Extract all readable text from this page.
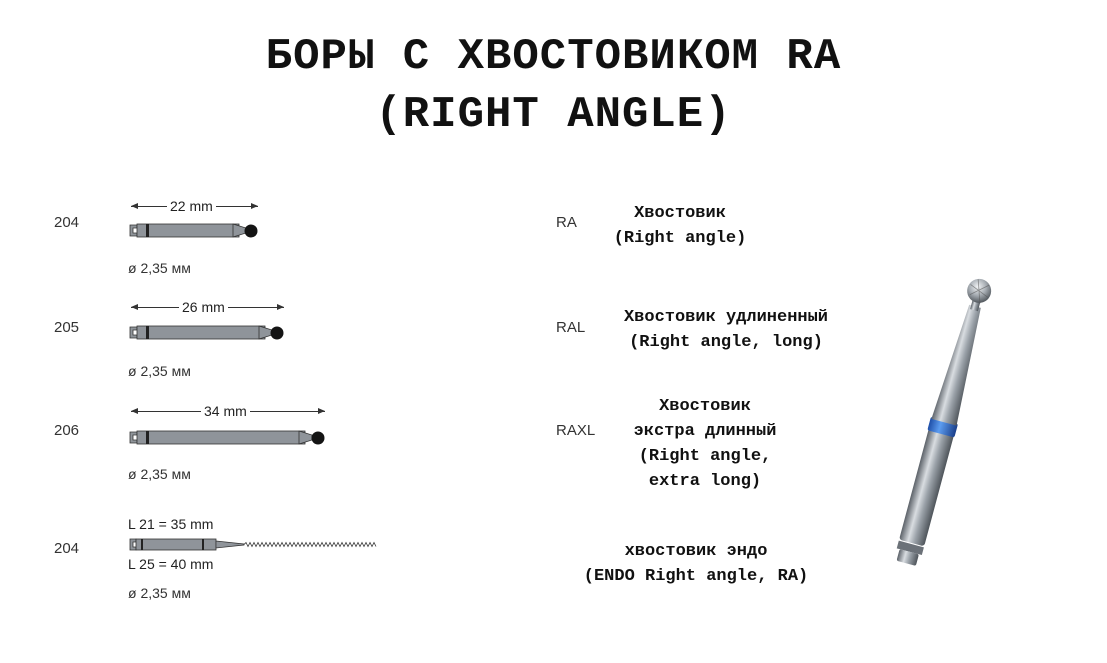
БОРЫ С ХВОСТОВИКОМ RA
(RIGHT ANGLE)
204
22 mm
ø 2,35 мм
205
26 mm
ø 2,35 мм
206
34 mm
ø 2,35 мм
204
L 21 = 35 mm
L 25 = 40 mm
ø 2,35 мм
RA	Хвостовик
(Right angle)
RAL
Хвостовик удлиненный
(Right angle, long)
RAXL
Хвостовик
экстра длинный
(Right angle,
extra long)
хвостовик эндо
(ENDO Right angle, RA)
